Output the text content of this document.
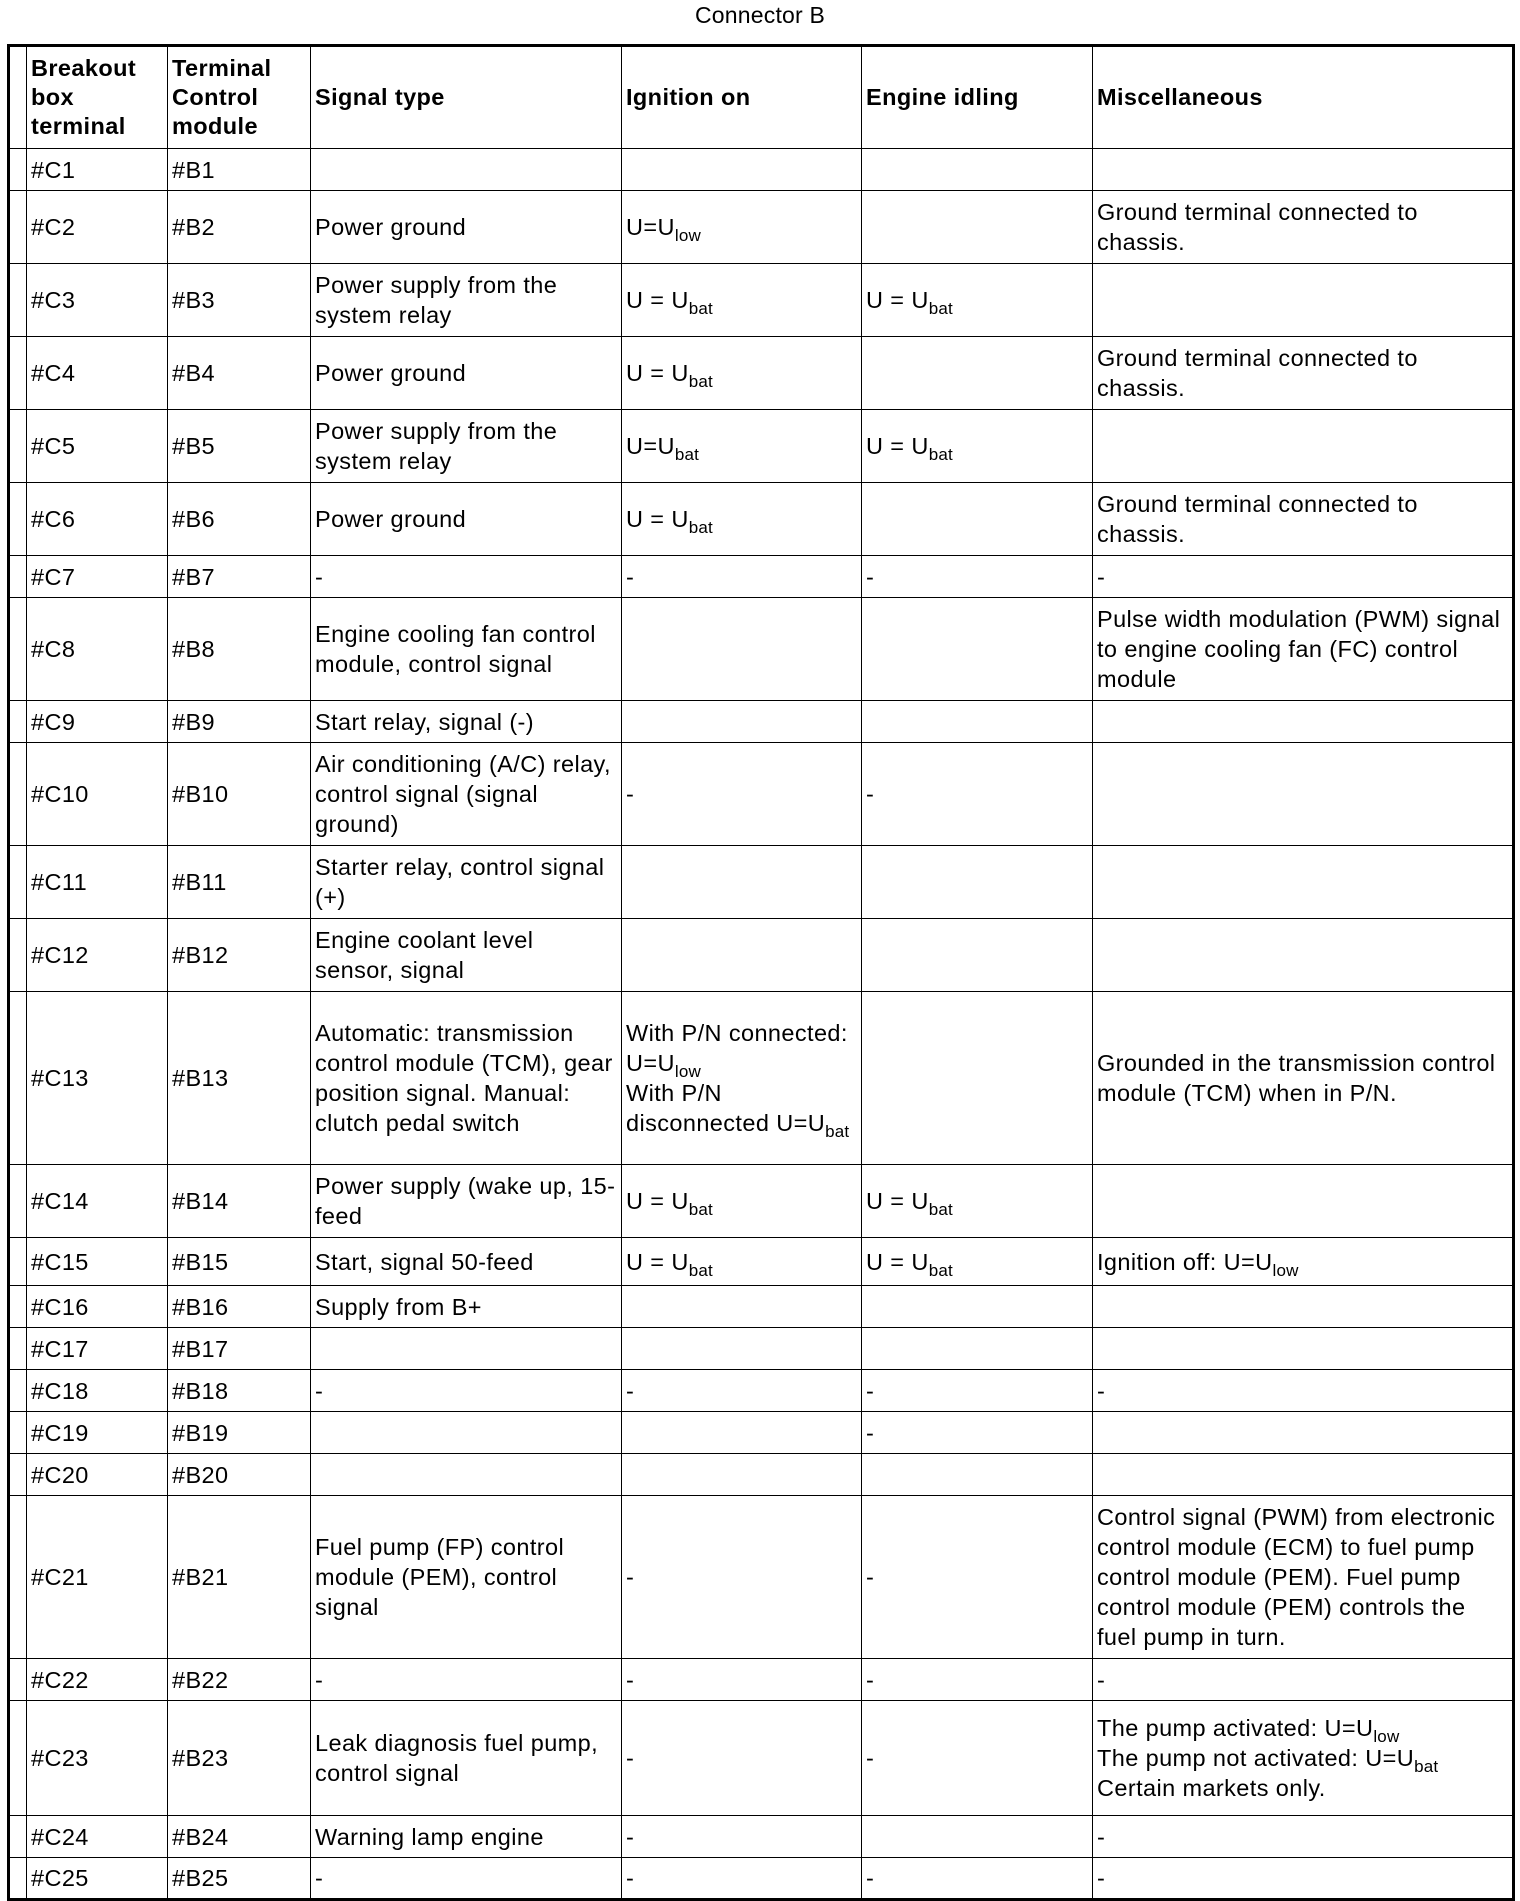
Connector B
	Breakout box terminal	Terminal Control module	Signal type	Ignition on	Engine idling	Miscellaneous
	#C1	#B1				
	#C2	#B2	Power ground	$U=U_{low}$		Ground terminal connected to chassis.
	#C3	#B3	Power supply from the system relay	$U = U_{bat}$	$U = U_{bat}$	
	#C4	#B4	Power ground	$U = U_{bat}$		Ground terminal connected to chassis.
	#C5	#B5	Power supply from the system relay	$U=U_{bat}$	$U = U_{bat}$	
	#C6	#B6	Power ground	$U = U_{bat}$		Ground terminal connected to chassis.
	#C7	#B7	-	-	-	-
	#C8	#B8	Engine cooling fan control module, control signal			Pulse width modulation (PWM) signal to engine cooling fan (FC) control module
	#C9	#B9	Start relay, signal (-)			
	#C10	#B10	Air conditioning (A/C) relay, control signal (signal ground)	-	-	
	#C11	#B11	Starter relay, control signal (+)			
	#C12	#B12	Engine coolant level sensor, signal			
	#C13	#B13	Automatic: transmission control module (TCM), gear position signal. Manual: clutch pedal switch	With P/N connected: $U=U_{low}$
With P/N disconnected $U=U_{bat}$		Grounded in the transmission control module (TCM) when in P/N.
	#C14	#B14	Power supply (wake up, 15-feed	$U = U_{bat}$	$U = U_{bat}$	
	#C15	#B15	Start, signal 50-feed	$U = U_{bat}$	$U = U_{bat}$	Ignition off: $U=U_{low}$
	#C16	#B16	Supply from B+			
	#C17	#B17				
	#C18	#B18	-	-	-	-
	#C19	#B19			-	
	#C20	#B20				
	#C21	#B21	Fuel pump (FP) control module (PEM), control signal	-	-	Control signal (PWM) from electronic control module (ECM) to fuel pump control module (PEM). Fuel pump control module (PEM) controls the fuel pump in turn.
	#C22	#B22	-	-	-	-
	#C23	#B23	Leak diagnosis fuel pump, control signal	-	-	The pump activated: $U=U_{low}$
The pump not activated: $U=U_{bat}$
Certain markets only.

	#C24	#B24	Warning lamp engine	-		-
	#C25	#B25	-	-	-	-
